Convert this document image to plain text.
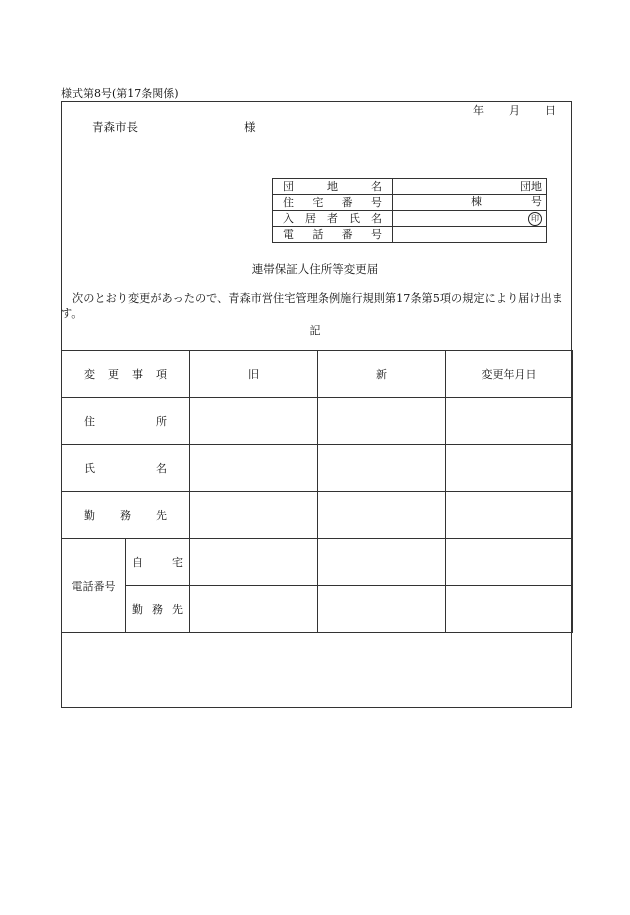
様式第8号(第17条関係)
年 月 日
青森市長	様
団地名	団地
住宅番号	棟 号

入居者氏名	印
電話番号	
連帯保証人住所等変更届
次のとおり変更があったので、青森市営住宅管理条例施行規則第17条第5項の規定により届け出ます。
記
変更事項		旧	新	変更年月日

住所				

氏名				

勤務先				

電話番号	自宅			

	勤務先			
